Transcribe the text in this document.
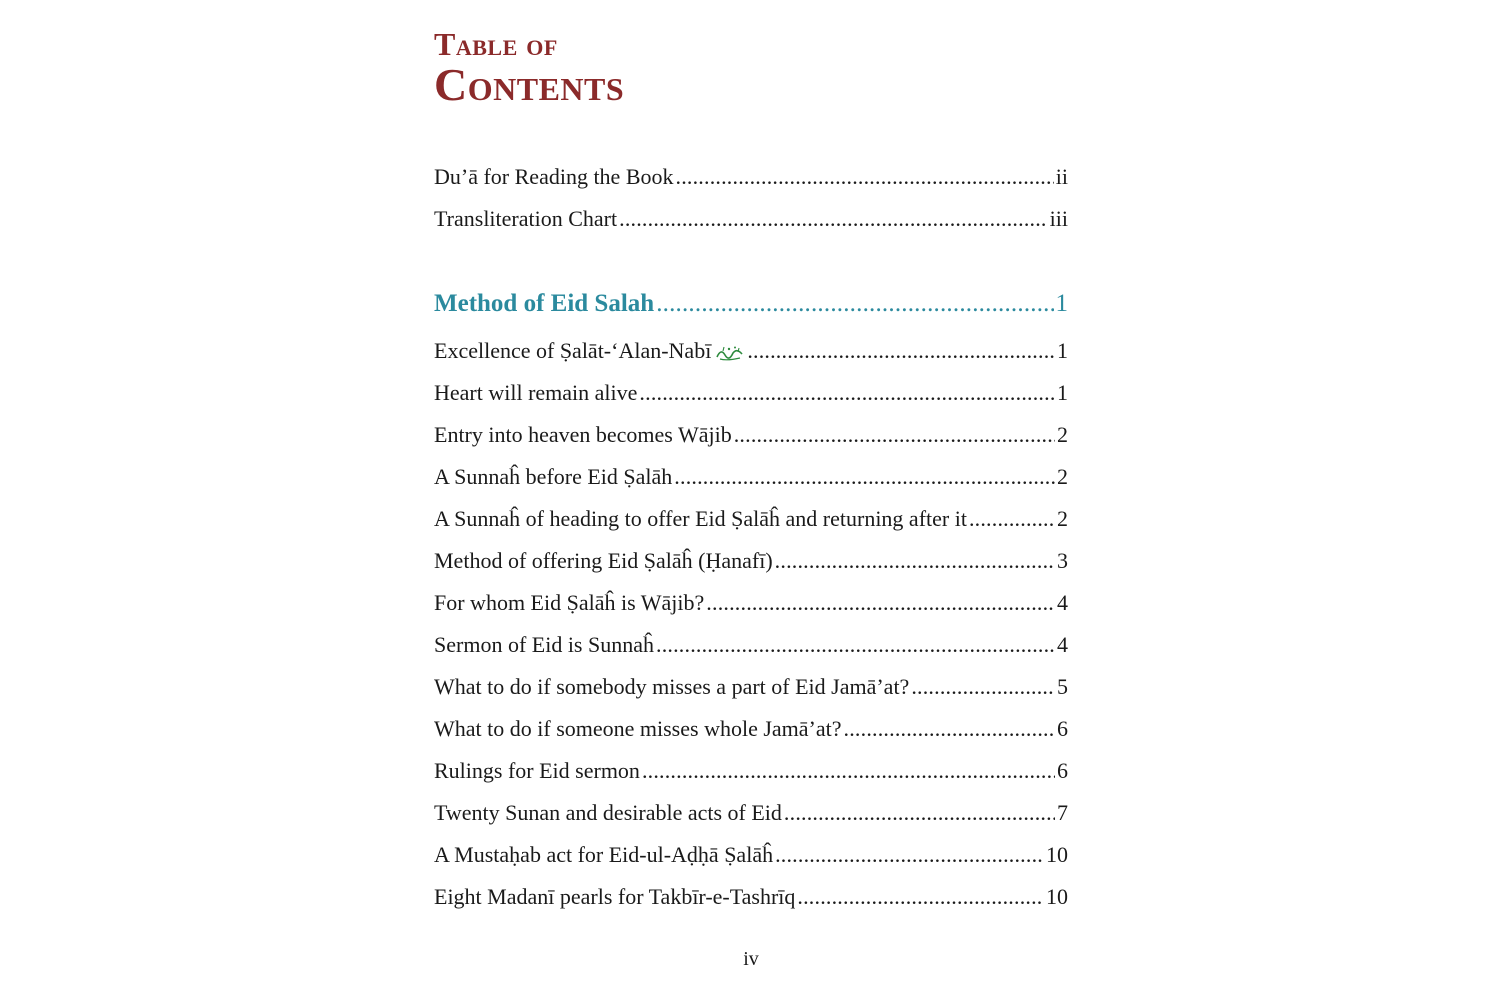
Table of
Contents
Du’ā for Reading the Book .....	ii
Transliteration Chart .....	iii
Method of Eid Salah .....	1
Excellence of Ṣalāt-‘Alan-Nabī .....	1
Heart will remain alive .....	1
Entry into heaven becomes Wājib .....	2
A Sunnaĥ before Eid Ṣalāh .....	2
A Sunnaĥ of heading to offer Eid Ṣalāĥ and returning after it .....	2
Method of offering Eid Ṣalāĥ (Ḥanafī) .....	3
For whom Eid Ṣalāĥ is Wājib? .....	4
Sermon of Eid is Sunnaĥ .....	4
What to do if somebody misses a part of Eid Jamā’at? .....	5
What to do if someone misses whole Jamā’at? .....	6
Rulings for Eid sermon .....	6
Twenty Sunan and desirable acts of Eid .....	7
A Mustaḥab act for Eid-ul-Aḍḥā Ṣalāĥ .....	10
Eight Madanī pearls for Takbīr-e-Tashrīq .....	10
iv
